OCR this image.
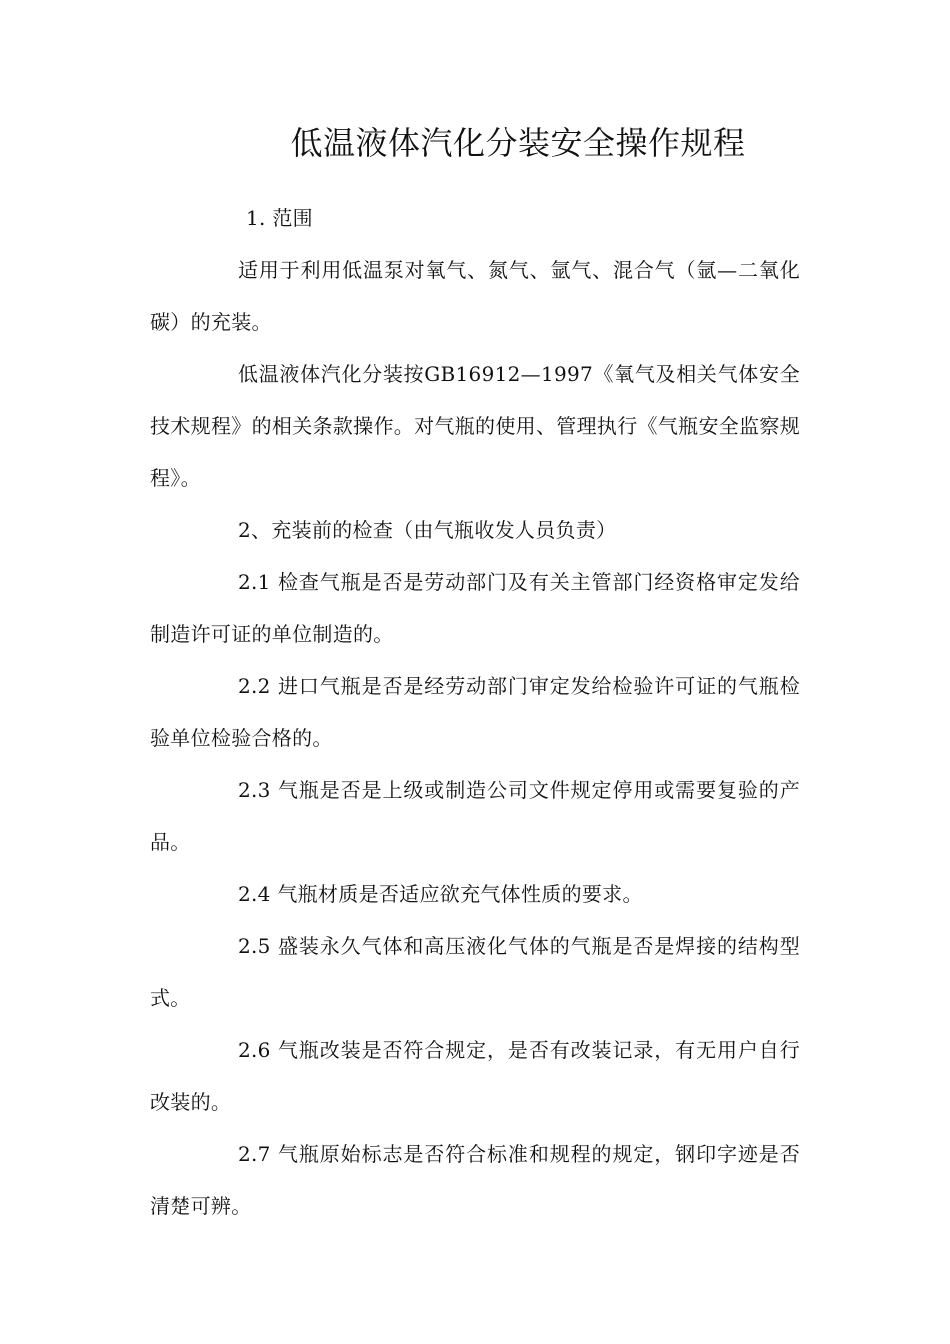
低温液体汽化分装安全操作规程

1. 范围

适用于利用低温泵对氧气、氮气、氩气、混合气（氩—二氧化碳）的充装。

低温液体汽化分装按GB16912—1997《氧气及相关气体安全技术规程》的相关条款操作。对气瓶的使用、管理执行《气瓶安全监察规程》。

2、充装前的检查（由气瓶收发人员负责）

2.1 检查气瓶是否是劳动部门及有关主管部门经资格审定发给制造许可证的单位制造的。

2.2 进口气瓶是否是经劳动部门审定发给检验许可证的气瓶检验单位检验合格的。

2.3 气瓶是否是上级或制造公司文件规定停用或需要复验的产品。

2.4 气瓶材质是否适应欲充气体性质的要求。

2.5 盛装永久气体和高压液化气体的气瓶是否是焊接的结构型式。

2.6 气瓶改装是否符合规定，是否有改装记录，有无用户自行改装的。

2.7 气瓶原始标志是否符合标准和规程的规定，钢印字迹是否清楚可辨。
